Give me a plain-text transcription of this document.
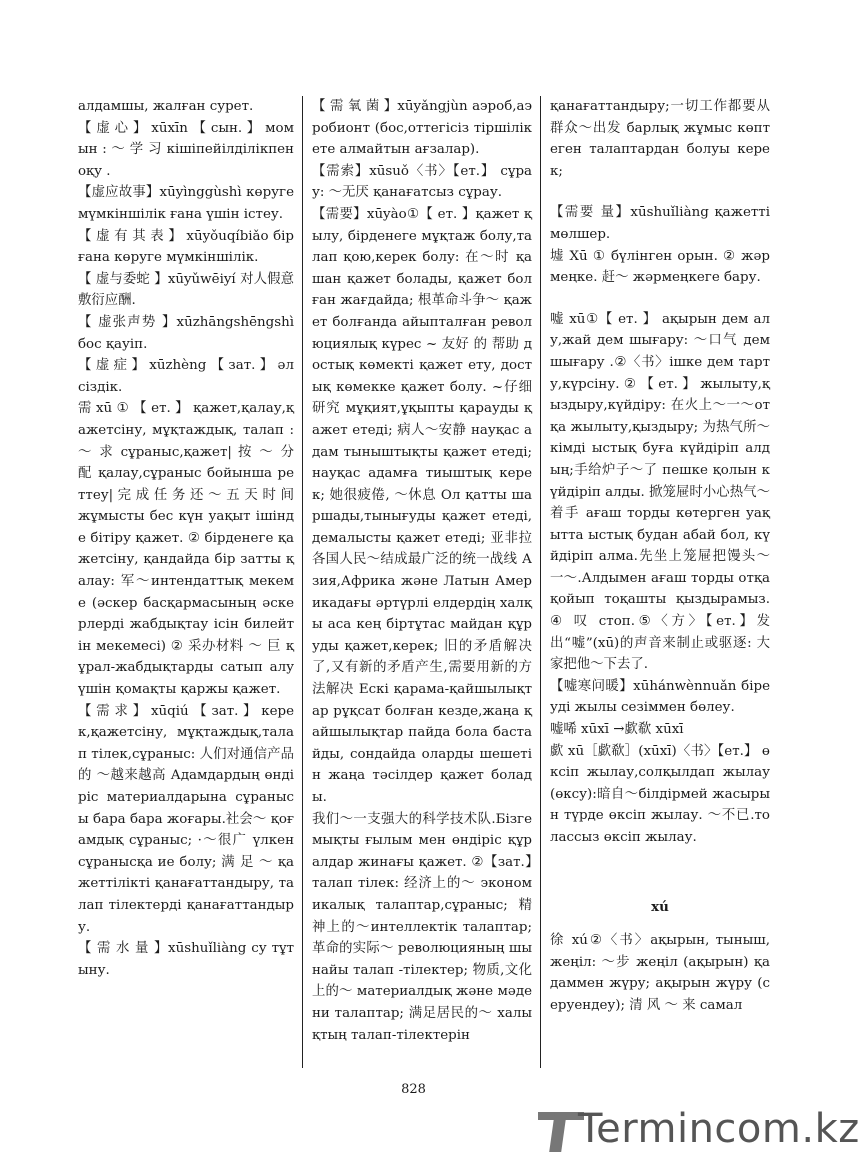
алдамшы, жалған сурет.

【 虚 心 】 xūxīn 【 сын. 】 момын : ～ 学 习 кішіпейілділікпен оқу .

【虚应故事】xūyìnggùshì көруге мүмкіншілік ғана үшін істеу.

【 虚 有 其 表 】 xūyǒuqíbiǎo бір ғана көруге мүмкіншілік.

【 虚与委蛇 】xūyǔwēiyí 对人假意敷衍应酬.

【 虚张声势 】xūzhāngshēngshì бос қауіп.

【 虚 症 】 xūzhèng 【 зат. 】 әлсіздік.

需 xū ① 【 ет. 】 қажет,қалау,қажетсіну, мұқтаждық, талап : ～ 求 сұраныс,қажет| 按 ～ 分 配 қалау,сұраныс бойынша реттеу| 完 成 任 务 还 ～ 五 天 时 间 жұмысты бес күн уақыт ішінде бітіру қажет. ② бірденеге қажетсіну, қандайда бір затты қалау: 军～интендаттық мекеме (әскер басқармасының әскерлерді жабдықтау ісін билейтін мекемесі) ② 采办材料 ～ 巨 құрал-жабдықтарды сатып алу үшін қомақты қаржы қажет.

【 需 求 】 xūqiú 【 зат. 】 керек,қажетсіну, мұқтаждық,талап тілек,сұраныс: 人们对通信产品的 ～越来越高 Адамдардың өндіріс материалдарына сұранысы бара бара жоғары.社会～ қоғамдық сұраныс; ·～很广 үлкен сұранысқа ие болу; 满 足 ～ қажеттілікті қанағаттандыру, талап тілектерді қанағаттандыру.

【 需 水 量 】xūshuǐliàng су тұтыну.

【 需 氧 菌 】xūyǎngjùn аэроб,аэробионт (бос,оттегісіз тіршілік ете алмайтын ағзалар).

【需索】xūsuǒ〈书〉【ет.】 сұрау: ～无厌 қанағатсыз сұрау.

【需要】xūyào①【 ет. 】қажет қылу, бірденеге мұқтаж болу,талап қою,керек болу: 在～时 қашан қажет болады, қажет болған жағдайда; 根革命斗争～ қажет болғанда айыпталған революциялық күрес ~ 友好 的 帮助 достық көмекті қажет ету, достық көмекке қажет болу. ~仔细研究 мұқият,ұқыпты қарауды қажет етеді; 病人～安静 науқас адам тыныштықты қажет етеді;науқас адамға тиыштық керек; 她很疲倦, ～休息 Ол қатты шаршады,тынығуды қажет етеді,демалысты қажет етеді; 亚非拉各国人民～结成最广泛的统一战线 Азия,Африка және Латын Америкадағы әртүрлі елдердің халқы аса кең біртұтас майдан құруды қажет,керек; 旧的矛盾解决了,又有新的矛盾产生,需要用新的方法解决 Ескі қарама-қайшылықтар рұқсат болған кезде,жаңа қайшылықтар пайда бола бастайды, сондайда оларды шешетін жаңа тәсілдер қажет болады.

我们～一支强大的科学技术队.Бізге мықты ғылым мен өндіріс құралдар жинағы қажет. ②【зат.】талап тілек: 经济上的～ экономикалық талаптар,сұраныс; 精神上的～интеллектік талаптар; 革命的实际～ революцияның шынайы талап -тілектер; 物质,文化上的～ материалдық және мәдени талаптар; 满足居民的～ халықтың талап-тілектерін

қанағаттандыру;一切工作都要从群众～出发 барлық жұмыс көптеген талаптардан болуы керек;

【需要 量】xūshuǐliàng қажетті мөлшер.

墟 Xū ① бүлінген орын. ② жәрмеңке. 赶～ жәрмеңкеге бару.

嘘 xū①【 ет. 】 ақырын дем алу,жай дем шығару: ～口气 дем шығару .②〈书〉ішке дем тарту,күрсіну. ② 【 ет. 】 жылыту,қыздыру,күйдіру: 在火上～一～отқа жылыту,қыздыру; 为热气所～кімді ыстық буға күйдіріп алдың;手给炉子～了 пешке қолын күйдіріп алды. 掀笼屉时小心热气～着手 ағаш торды көтерген уақытта ыстық будан абай бол, күйдіріп алма.先坐上笼屉把馒头～一～.Алдымен ағаш торды отқа қойып тоқашты қыздырамыз.④ 叹 стоп.⑤〈方〉【ет.】发出“嘘”(xū)的声音来制止或驱逐: 大家把他～下去了.

【嘘寒问暖】xūhánwènnuǎn біреуді жылы сезіммен бөлеу.

嘘唏 xūxī →歔欷 xūxī

歔 xū［歔欷］(xūxī)〈书〉【ет.】 өксіп жылау,солқылдап жылау (өксу):暗自～білдірмей жасырын түрде өксіп жылау. ～不已.толассыз өксіп жылау.

xú

徐 xú②〈书〉ақырын, тыныш, жеңіл: ～步 жеңіл (ақырын) қадаммен жүру; ақырын жүру (серуендеу); 清 风 ～ 来 самал

828
Termincom.kz
